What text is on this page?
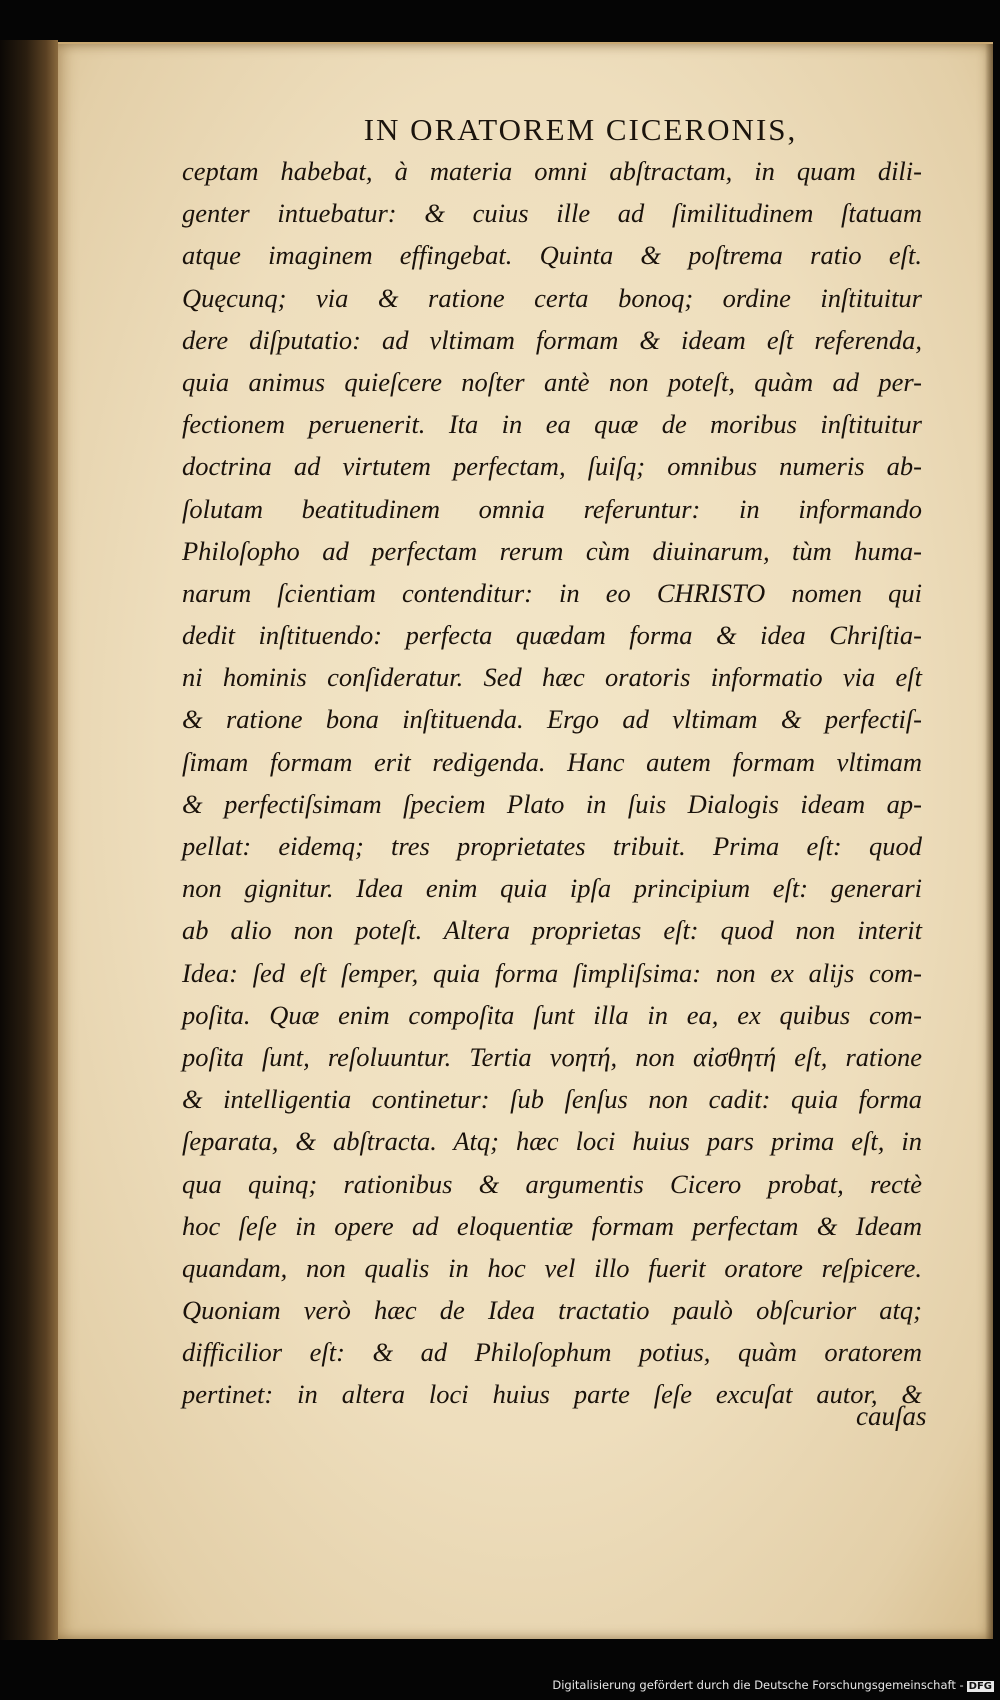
IN ORATOREM CICERONIS,
ceptam habebat, à materia omni abſtractam, in quam dili-
genter intuebatur: & cuius ille ad ſimilitudinem ſtatuam
atque imaginem effingebat. Quinta & poſtrema ratio eſt.
Quęcunq; via & ratione certa bonoq; ordine inſtituitur
dere diſputatio: ad vltimam formam & ideam eſt referenda,
quia animus quieſcere noſter antè non poteſt, quàm ad per-
fectionem peruenerit. Ita in ea quæ de moribus inſtituitur
doctrina ad virtutem perfectam, ſuiſq; omnibus numeris ab-
ſolutam beatitudinem omnia referuntur: in informando
Philoſopho ad perfectam rerum cùm diuinarum, tùm huma-
narum ſcientiam contenditur: in eo CHRISTO nomen qui
dedit inſtituendo: perfecta quædam forma & idea Chriſtia-
ni hominis conſideratur. Sed hæc oratoris informatio via eſt
& ratione bona inſtituenda. Ergo ad vltimam & perfectiſ-
ſimam formam erit redigenda. Hanc autem formam vltimam
& perfectiſsimam ſpeciem Plato in ſuis Dialogis ideam ap-
pellat: eidemq; tres proprietates tribuit. Prima eſt: quod
non gignitur. Idea enim quia ipſa principium eſt: generari
ab alio non poteſt. Altera proprietas eſt: quod non interit
Idea: ſed eſt ſemper, quia forma ſimpliſsima: non ex alijs com-
poſita. Quæ enim compoſita ſunt illa in ea, ex quibus com-
poſita ſunt, reſoluuntur. Tertia νοητή, non αἰσθητή eſt, ratione
& intelligentia continetur: ſub ſenſus non cadit: quia forma
ſeparata, & abſtracta. Atq; hæc loci huius pars prima eſt, in
qua quinq; rationibus & argumentis Cicero probat, rectè
hoc ſeſe in opere ad eloquentiæ formam perfectam & Ideam
quandam, non qualis in hoc vel illo fuerit oratore reſpicere.
Quoniam verò hæc de Idea tractatio paulò obſcurior atq;
difficilior eſt: & ad Philoſophum potius, quàm oratorem
pertinet: in altera loci huius parte ſeſe excuſat autor, &
cauſas
Digitalisierung gefördert durch die Deutsche Forschungsgemeinschaft - DFG
